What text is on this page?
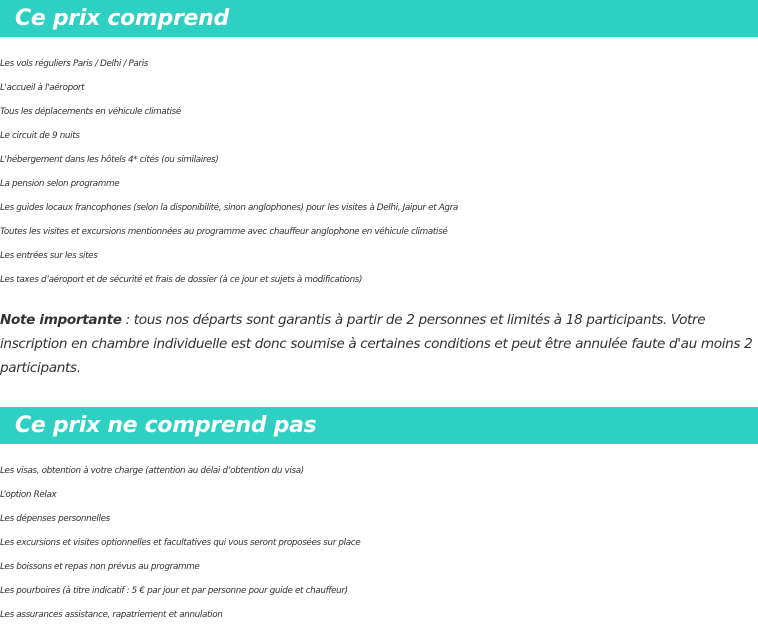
Ce prix comprend
Les vols réguliers Paris / Delhi / Paris
L'accueil à l'aéroport
Tous les déplacements en véhicule climatisé
Le circuit de 9 nuits
L'hébergement dans les hôtels 4* cités (ou similaires)
La pension selon programme
Les guides locaux francophones (selon la disponibilité, sinon anglophones) pour les visites à Delhi, Jaipur et Agra
Toutes les visites et excursions mentionnées au programme avec chauffeur anglophone en véhicule climatisé
Les entrées sur les sites
Les taxes d’aéroport et de sécurité et frais de dossier (à ce jour et sujets à modifications)

Note importante : tous nos départs sont garantis à partir de 2 personnes et limités à 18 participants. Votre inscription en chambre individuelle est donc soumise à certaines conditions et peut être annulée faute d'au moins 2 participants.

Ce prix ne comprend pas
Les visas, obtention à votre charge (attention au délai d’obtention du visa)
L’option Relax
Les dépenses personnelles
Les excursions et visites optionnelles et facultatives qui vous seront proposées sur place
Les boissons et repas non prévus au programme
Les pourboires (à titre indicatif : 5 € par jour et par personne pour guide et chauffeur)
Les assurances assistance, rapatriement et annulation
